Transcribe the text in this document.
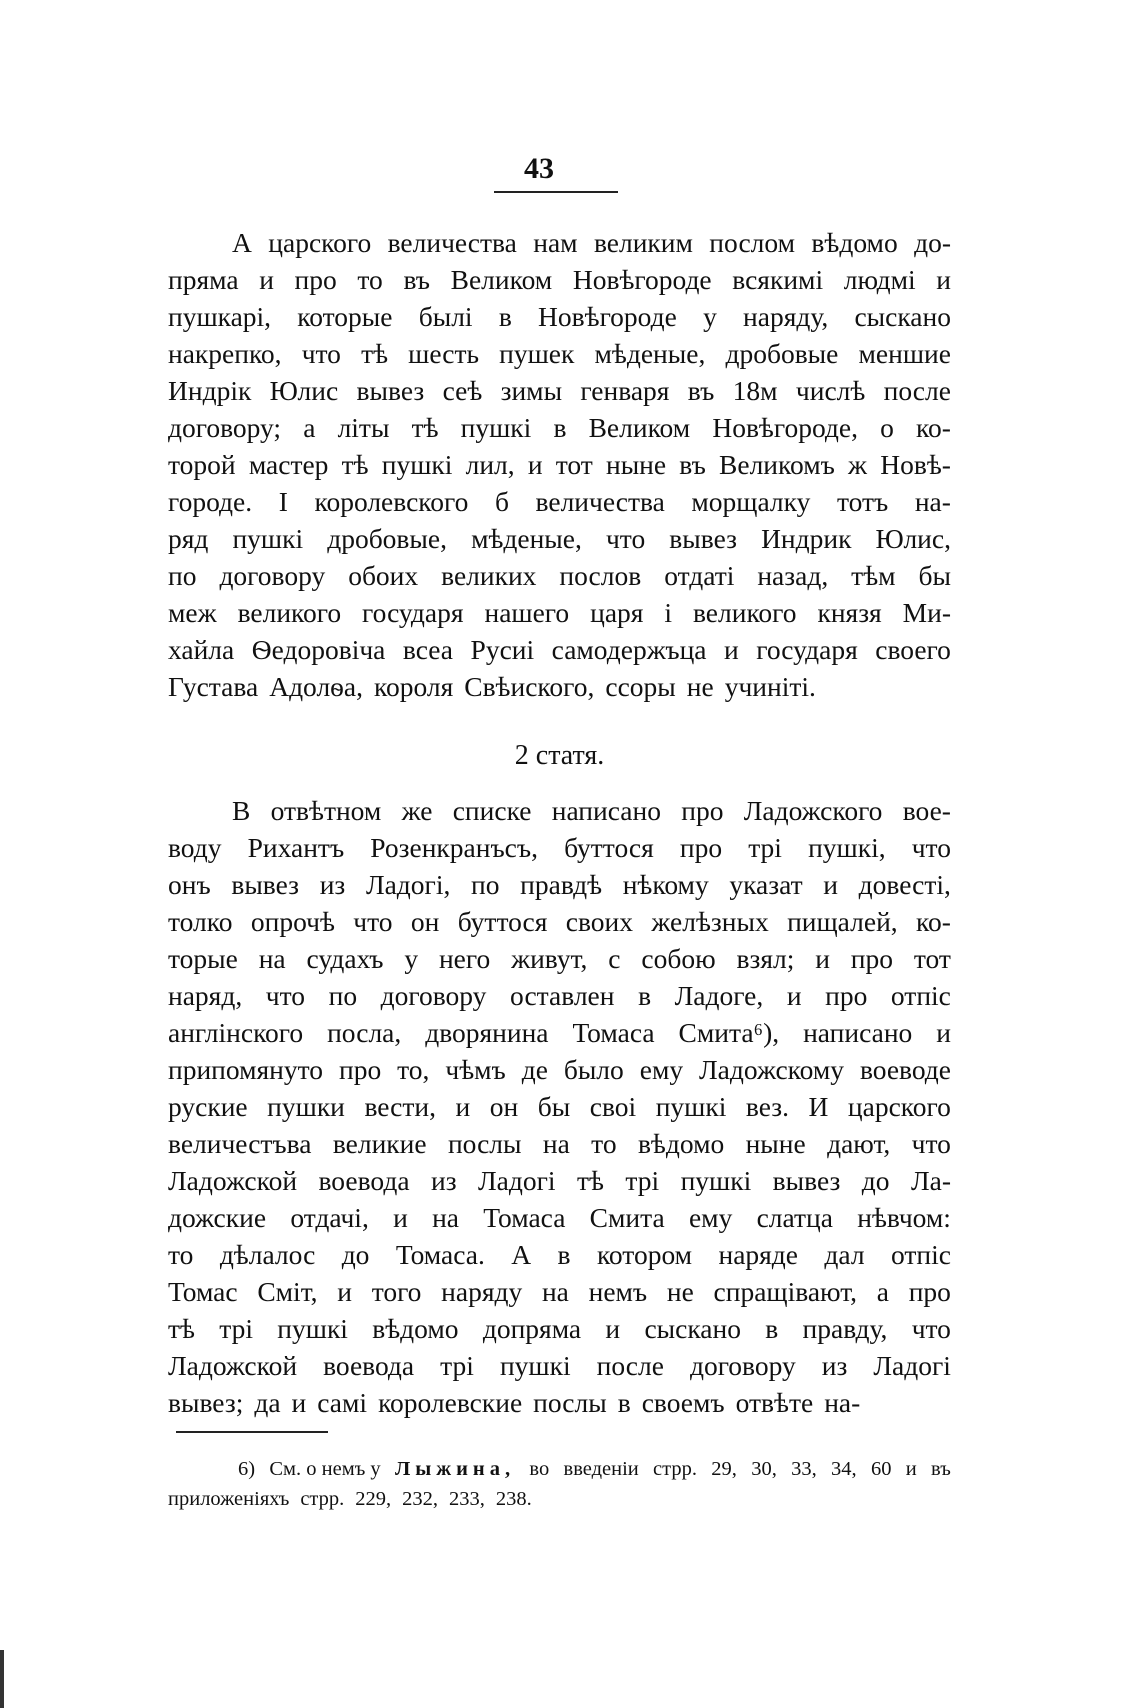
43
А царского величества нам великим послом вѣдомо до-
пряма и про то въ Великом Новѣгороде всякимі людмі и
пушкарі, которые былі в Новѣгороде у наряду, сыскано
накрепко, что тѣ шесть пушек мѣденые, дробовые меншие
Индрік Юлис вывез сеѣ зимы генваря въ 18м числѣ после
договору; а літы тѣ пушкі в Великом Новѣгороде, о ко-
торой мастер тѣ пушкі лил, и тот ныне въ Великомъ ж Новѣ-
городе. І королевского б величества морщалку тотъ на-
ряд пушкі дробовые, мѣденые, что вывез Индрик Юлис,
по договору обоих великих послов отдаті назад, тѣм бы
меж великого государя нашего царя і великого князя Ми-
хайла Ѳедоровіча всеа Русиі самодержъца и государя своего
Густава Адолѳа, короля Свѣиского, ссоры не учиніті.
2 статя.
В отвѣтном же списке написано про Ладожского вое-
воду Рихантъ Розенкранъсъ, буттося про трі пушкі, что
онъ вывез из Ладогі, по правдѣ нѣкому указат и довесті,
толко опрочѣ что он буттося своих желѣзных пищалей, ко-
торые на судахъ у него живут, с собою взял; и про тот
наряд, что по договору оставлен в Ладоге, и про отпіс
англінского посла, дворянина Томаса Смита⁶), написано и
припомянуто про то, чѣмъ де было ему Ладожскому воеводе
руские пушки вести, и он бы своі пушкі вез. И царского
величестъва великие послы на то вѣдомо ныне дают, что
Ладожской воевода из Ладогі тѣ трі пушкі вывез до Ла-
дожские отдачі, и на Томаса Смита ему слатца нѣвчом:
то дѣлалос до Томаса. А в котором наряде дал отпіс
Томас Сміт, и того наряду на немъ не спращівают, а про
тѣ трі пушкі вѣдомо допряма и сыскано в правду, что
Ладожской воевода трі пушкі после договору из Ладогі
вывез; да и самі королевские послы в своемъ отвѣте на-
6) См. о немъ у Лыжина, во введеніи стрр. 29, 30, 33, 34, 60 и въ
приложеніяхъ стрр. 229, 232, 233, 238.
